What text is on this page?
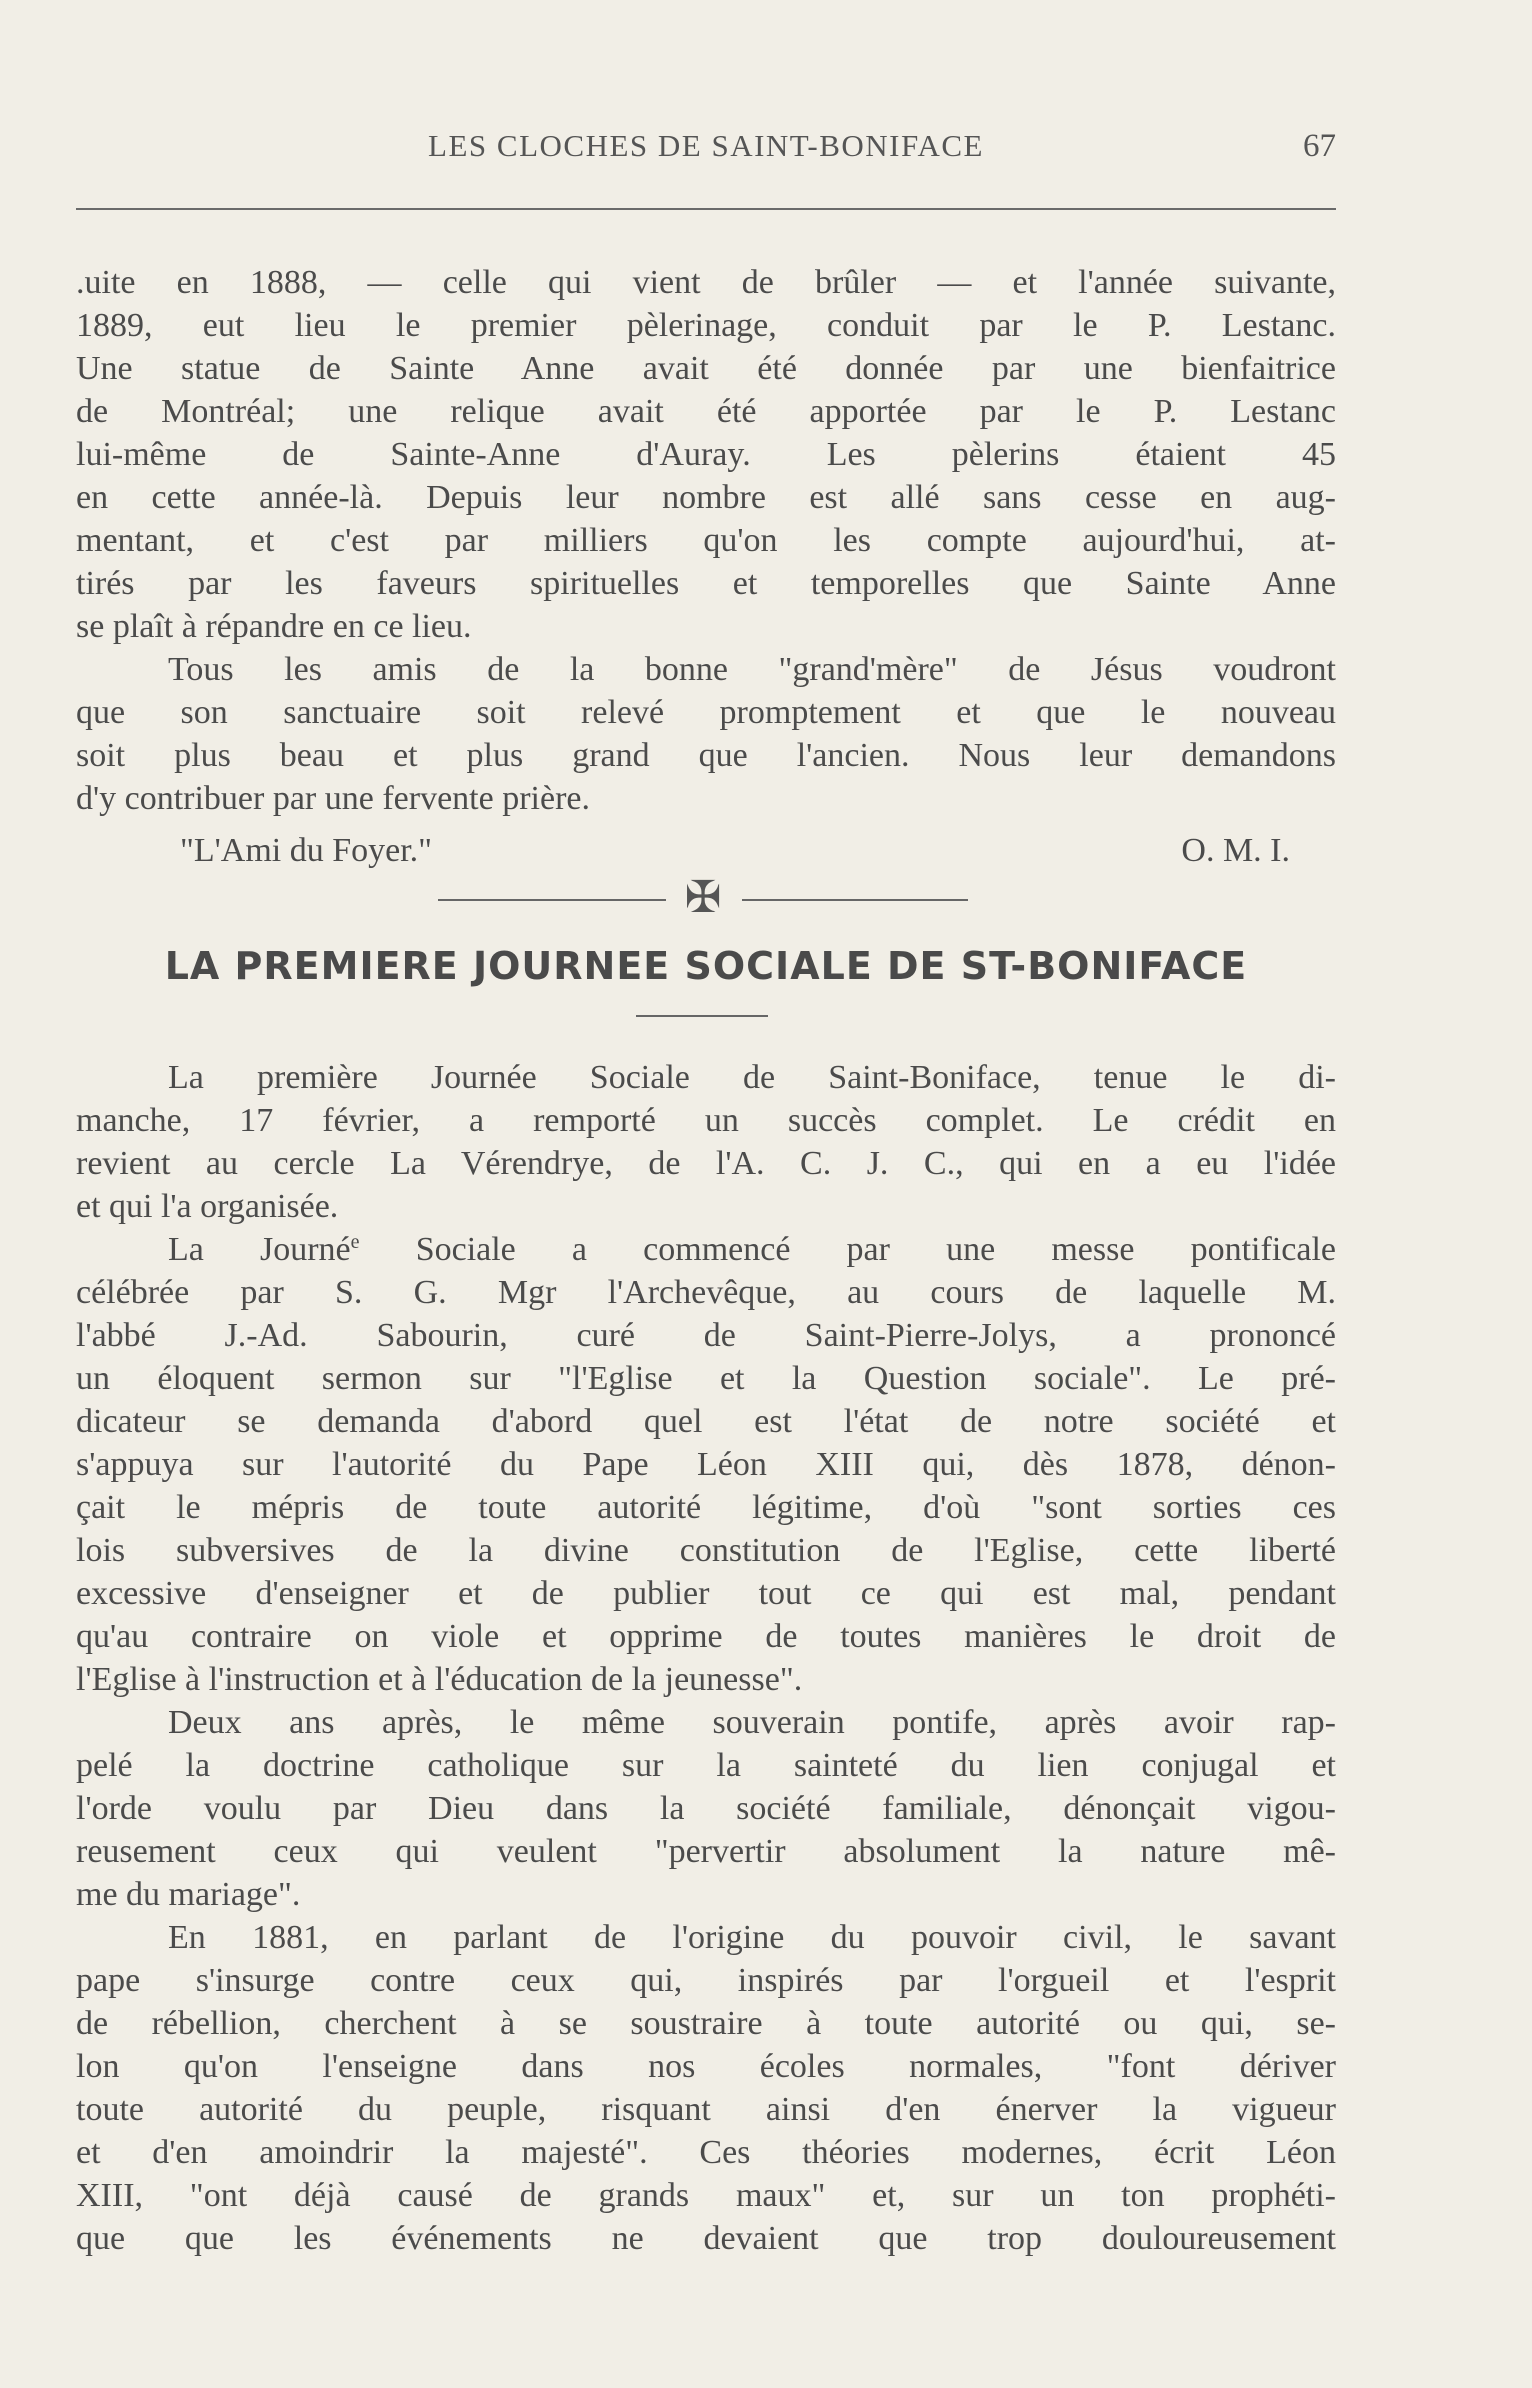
LES CLOCHES DE SAINT-BONIFACE	67

.uite en 1888, — celle qui vient de brûler — et l'année suivante,

1889, eut lieu le premier pèlerinage, conduit par le P. Lestanc.

Une statue de Sainte Anne avait été donnée par une bienfaitrice

de Montréal; une relique avait été apportée par le P. Lestanc

lui-même de Sainte-Anne d'Auray. Les pèlerins étaient 45

en cette année-là. Depuis leur nombre est allé sans cesse en aug-

mentant, et c'est par milliers qu'on les compte aujourd'hui, at-

tirés par les faveurs spirituelles et temporelles que Sainte Anne

se plaît à répandre en ce lieu.

Tous les amis de la bonne "grand'mère" de Jésus voudront

que son sanctuaire soit relevé promptement et que le nouveau

soit plus beau et plus grand que l'ancien. Nous leur demandons

d'y contribuer par une fervente prière.

"L'Ami du Foyer."	O. M. I.
✠
LA PREMIERE JOURNEE SOCIALE DE ST-BONIFACE

La première Journée Sociale de Saint-Boniface, tenue le di-

manche, 17 février, a remporté un succès complet. Le crédit en

revient au cercle La Vérendrye, de l'A. C. J. C., qui en a eu l'idée

et qui l'a organisée.

La Journé$^e$ Sociale a commencé par une messe pontificale

célébrée par S. G. Mgr l'Archevêque, au cours de laquelle M.

l'abbé J.-Ad. Sabourin, curé de Saint-Pierre-Jolys, a prononcé

un éloquent sermon sur "l'Eglise et la Question sociale". Le pré-

dicateur se demanda d'abord quel est l'état de notre société et

s'appuya sur l'autorité du Pape Léon XIII qui, dès 1878, dénon-

çait le mépris de toute autorité légitime, d'où "sont sorties ces

lois subversives de la divine constitution de l'Eglise, cette liberté

excessive d'enseigner et de publier tout ce qui est mal, pendant

qu'au contraire on viole et opprime de toutes manières le droit de

l'Eglise à l'instruction et à l'éducation de la jeunesse".

Deux ans après, le même souverain pontife, après avoir rap-

pelé la doctrine catholique sur la sainteté du lien conjugal et

l'orde voulu par Dieu dans la société familiale, dénonçait vigou-

reusement ceux qui veulent "pervertir absolument la nature mê-

me du mariage".

En 1881, en parlant de l'origine du pouvoir civil, le savant

pape s'insurge contre ceux qui, inspirés par l'orgueil et l'esprit

de rébellion, cherchent à se soustraire à toute autorité ou qui, se-

lon qu'on l'enseigne dans nos écoles normales, "font dériver

toute autorité du peuple, risquant ainsi d'en énerver la vigueur

et d'en amoindrir la majesté". Ces théories modernes, écrit Léon

XIII, "ont déjà causé de grands maux" et, sur un ton prophéti-

que que les événements ne devaient que trop douloureusement
